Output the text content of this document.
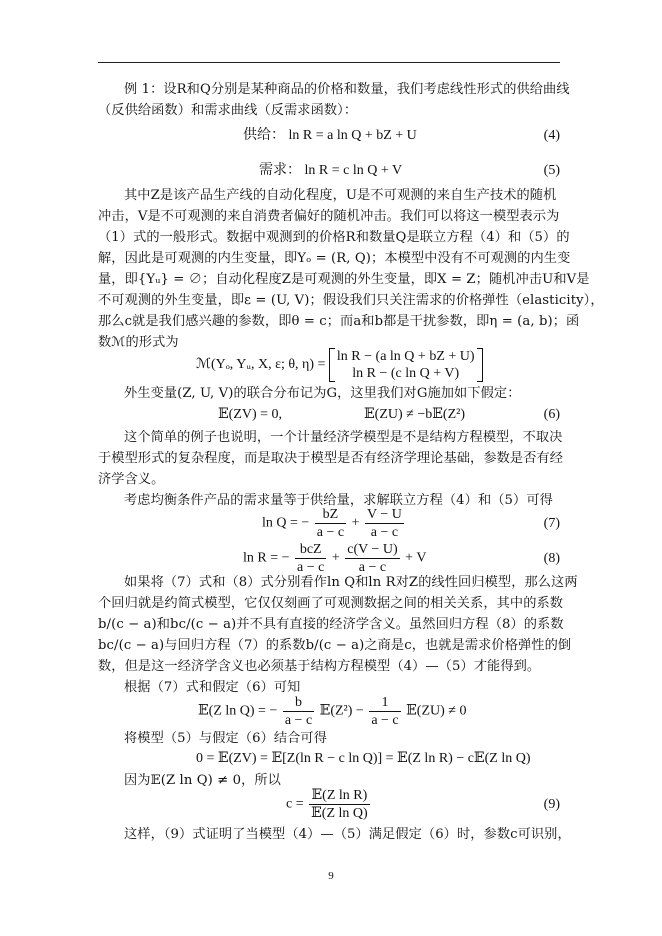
例 1：设R和Q分别是某种商品的价格和数量，我们考虑线性形式的供给曲线
（反供给函数）和需求曲线（反需求函数）：
供给： ln R = a ln Q + bZ + U	(4)
需求： ln R = c ln Q + V	(5)
其中Z是该产品生产线的自动化程度，U是不可观测的来自生产技术的随机
冲击，V是不可观测的来自消费者偏好的随机冲击。我们可以将这一模型表示为
（1）式的一般形式。数据中观测到的价格R和数量Q是联立方程（4）和（5）的
解，因此是可观测的内生变量，即Yₒ = (R, Q)；本模型中没有不可观测的内生变
量，即{Yᵤ} = ∅；自动化程度Z是可观测的外生变量，即X = Z；随机冲击U和V是
不可观测的外生变量，即ε = (U, V)；假设我们只关注需求的价格弹性（elasticity），
那么c就是我们感兴趣的参数，即θ = c；而a和b都是干扰参数，即η = (a, b)；函
数ℳ的形式为
ℳ(Yₒ, Yᵤ, X, ε; θ, η) =
ln R − (a ln Q + bZ + U)
ln R − (c ln Q + V)
外生变量(Z, U, V)的联合分布记为G，这里我们对G施加如下假定：
𝔼(ZV) = 0,	𝔼(ZU) ≠ −b𝔼(Z²)	(6)
这个简单的例子也说明，一个计量经济学模型是不是结构方程模型，不取决
于模型形式的复杂程度，而是取决于模型是否有经济学理论基础，参数是否有经
济学含义。
考虑均衡条件产品的需求量等于供给量，求解联立方程（4）和（5）可得
ln Q = − $\frac{bZ}{a - c} + \frac{V - U}{a - c}$	(7)
ln R = − $\frac{\text{bcZ}}{a - c} + \frac{c(V - U)}{a - c} + V$	(8)
如果将（7）式和（8）式分别看作ln Q和ln R对Z的线性回归模型，那么这两
个回归就是约简式模型，它仅仅刻画了可观测数据之间的相关关系，其中的系数
b/(c − a)和bc/(c − a)并不具有直接的经济学含义。虽然回归方程（8）的系数
bc/(c − a)与回归方程（7）的系数b/(c − a)之商是c，也就是需求价格弹性的倒
数，但是这一经济学含义也必须基于结构方程模型（4）—（5）才能得到。
根据（7）式和假定（6）可知
𝔼(Z ln Q) = − $\frac{b}{a - c}$ 𝔼(Z²) − $\frac{1}{a - c}$ 𝔼(ZU) ≠ 0
将模型（5）与假定（6）结合可得
0 = 𝔼(ZV) = 𝔼[Z(ln R − c ln Q)] = 𝔼(Z ln R) − c𝔼(Z ln Q)
因为𝔼(Z ln Q) ≠ 0，所以
$c = \frac{\text{𝔼(Z ln R)}}{\text{𝔼(Z ln Q)}}$	(9)
这样，（9）式证明了当模型（4）—（5）满足假定（6）时，参数c可识别，
9
